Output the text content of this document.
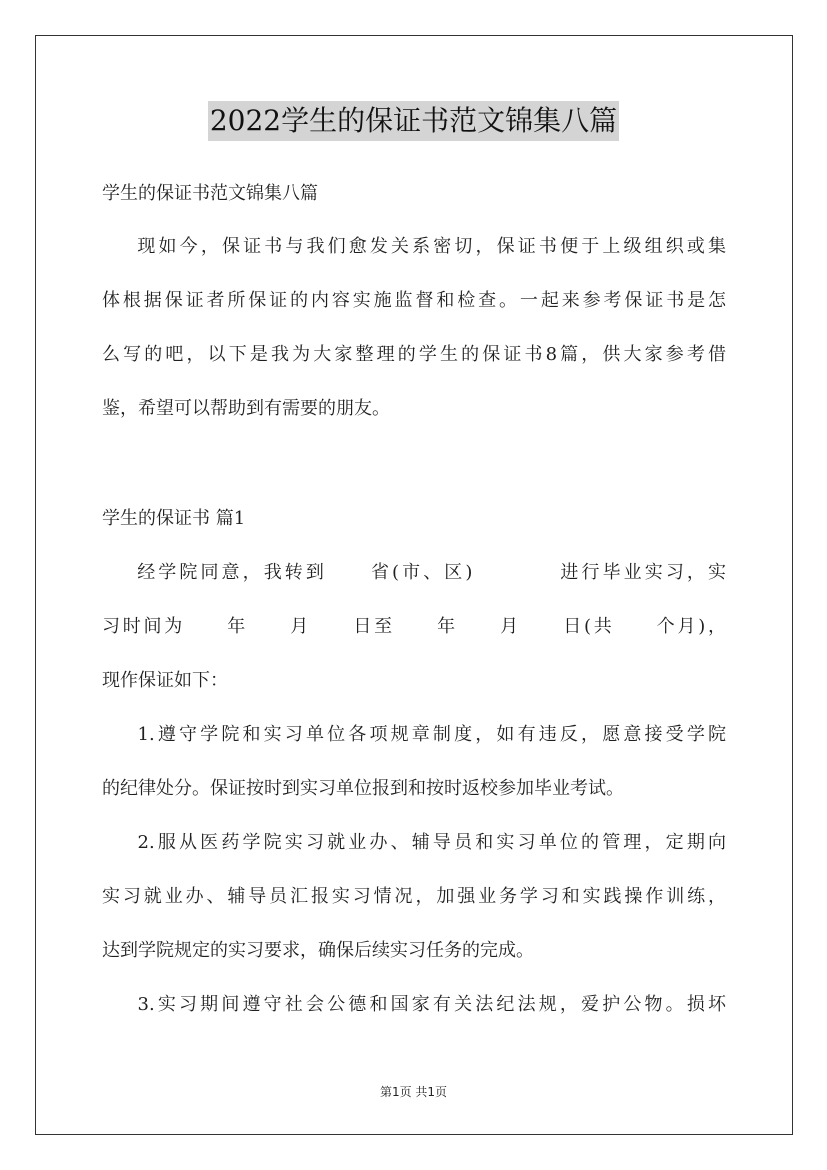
2022学生的保证书范文锦集八篇
学生的保证书范文锦集八篇
现如今，保证书与我们愈发关系密切，保证书便于上级组织或集
体根据保证者所保证的内容实施监督和检查。一起来参考保证书是怎
么写的吧，以下是我为大家整理的学生的保证书8篇，供大家参考借
鉴，希望可以帮助到有需要的朋友。
学生的保证书 篇1
经学院同意，我转到     省(市、区)          进行毕业实习，实
习时间为     年     月     日至     年     月     日(共     个月)，
现作保证如下：
1.遵守学院和实习单位各项规章制度，如有违反，愿意接受学院
的纪律处分。保证按时到实习单位报到和按时返校参加毕业考试。
2.服从医药学院实习就业办、辅导员和实习单位的管理，定期向
实习就业办、辅导员汇报实习情况，加强业务学习和实践操作训练，
达到学院规定的实习要求，确保后续实习任务的完成。
3.实习期间遵守社会公德和国家有关法纪法规，爱护公物。损坏
第1页 共1页
